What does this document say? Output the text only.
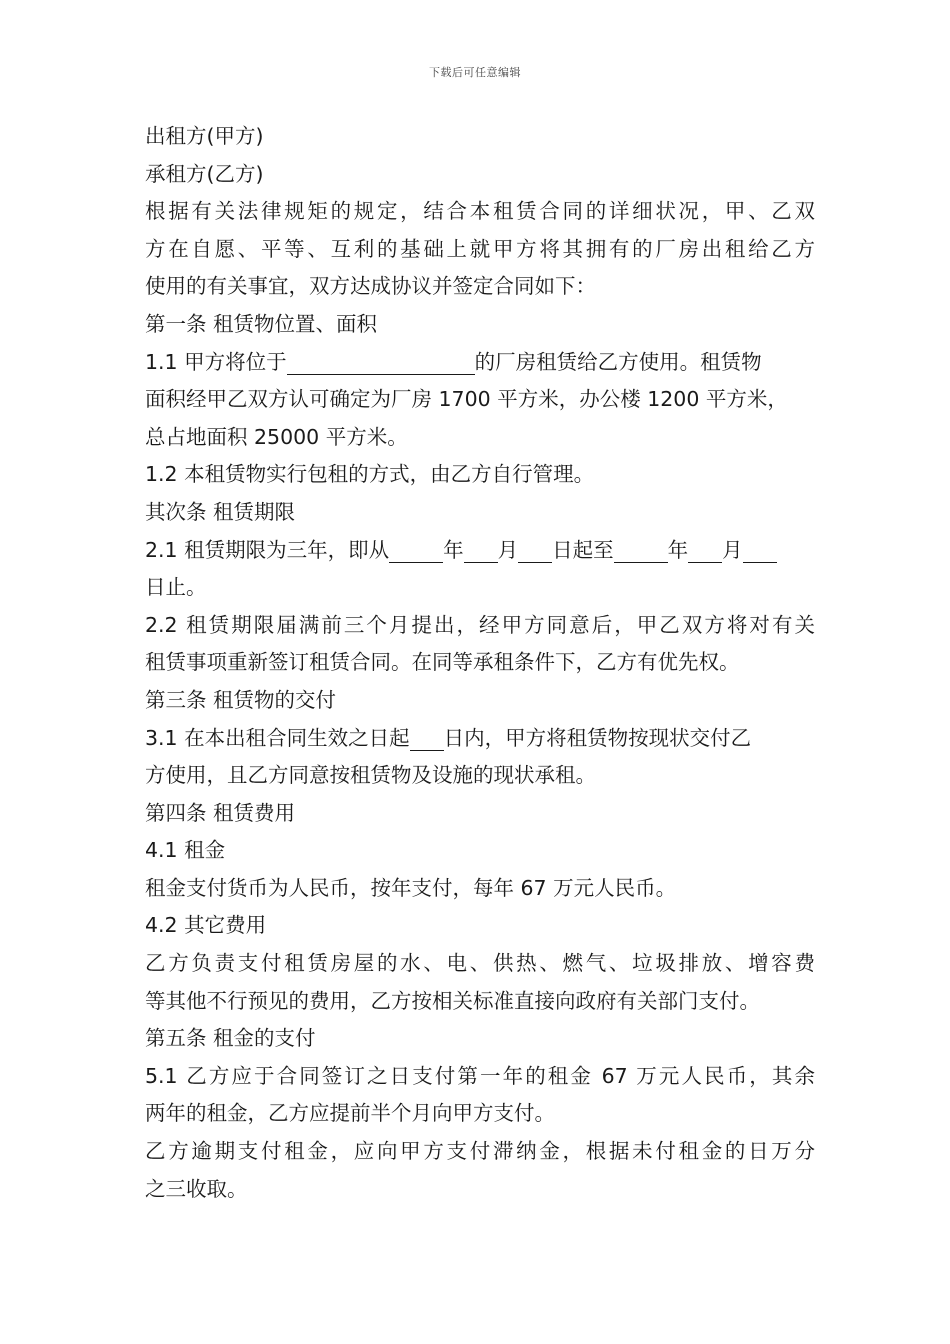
下载后可任意编辑
出租方(甲方)
承租方(乙方)
根据有关法律规矩的规定，结合本租赁合同的详细状况，甲、乙双
方在自愿、平等、互利的基础上就甲方将其拥有的厂房出租给乙方
使用的有关事宜，双方达成协议并签定合同如下：
第一条 租赁物位置、面积
1.1 甲方将位于	的厂房租赁给乙方使用。租赁物
面积经甲乙双方认可确定为厂房 1700 平方米，办公楼 1200 平方米，
总占地面积 25000 平方米。
1.2 本租赁物实行包租的方式，由乙方自行管理。
其次条 租赁期限
2.1 租赁期限为三年，即从	年 月 日起至	年 月
日止。
2.2 租赁期限届满前三个月提出，经甲方同意后，甲乙双方将对有关
租赁事项重新签订租赁合同。在同等承租条件下，乙方有优先权。
第三条 租赁物的交付
3.1 在本出租合同生效之日起 日内，甲方将租赁物按现状交付乙
方使用，且乙方同意按租赁物及设施的现状承租。
第四条 租赁费用
4.1 租金
租金支付货币为人民币，按年支付，每年 67 万元人民币。
4.2 其它费用
乙方负责支付租赁房屋的水、电、供热、燃气、垃圾排放、增容费
等其他不行预见的费用，乙方按相关标准直接向政府有关部门支付。
第五条 租金的支付
5.1 乙方应于合同签订之日支付第一年的租金 67 万元人民币，其余
两年的租金，乙方应提前半个月向甲方支付。
乙方逾期支付租金，应向甲方支付滞纳金，根据未付租金的日万分
之三收取。
